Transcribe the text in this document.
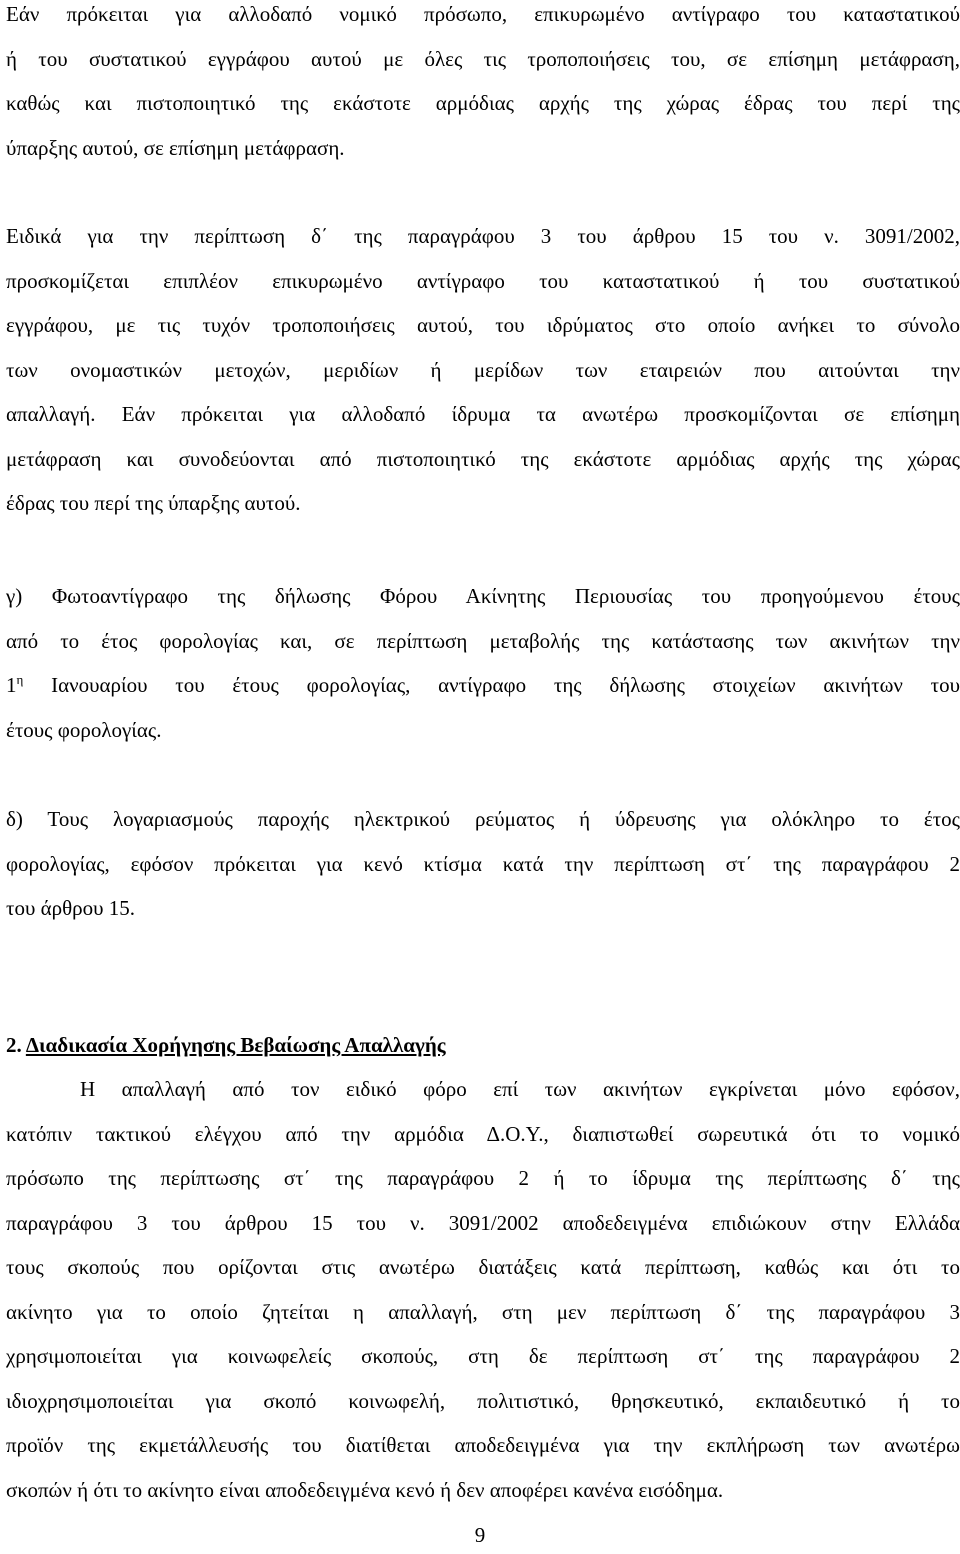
Εάν πρόκειται για αλλοδαπό νομικό πρόσωπο, επικυρωμένο αντίγραφο του καταστατικού
ή του συστατικού εγγράφου αυτού με όλες τις τροποποιήσεις του, σε επίσημη μετάφραση,
καθώς και πιστοποιητικό της εκάστοτε αρμόδιας αρχής της χώρας έδρας του περί της
ύπαρξης αυτού, σε επίσημη μετάφραση.
Ειδικά για την περίπτωση δ΄ της παραγράφου 3 του άρθρου 15 του ν. 3091/2002,
προσκομίζεται επιπλέον επικυρωμένο αντίγραφο του καταστατικού ή του συστατικού
εγγράφου, με τις τυχόν τροποποιήσεις αυτού, του ιδρύματος στο οποίο ανήκει το σύνολο
των ονομαστικών μετοχών, μεριδίων ή μερίδων των εταιρειών που αιτούνται την
απαλλαγή. Εάν πρόκειται για αλλοδαπό ίδρυμα τα ανωτέρω προσκομίζονται σε επίσημη
μετάφραση και συνοδεύονται από πιστοποιητικό της εκάστοτε αρμόδιας αρχής της χώρας
έδρας του περί της ύπαρξης αυτού.
γ) Φωτοαντίγραφο της δήλωσης Φόρου Ακίνητης Περιουσίας του προηγούμενου έτους
από το έτος φορολογίας και, σε περίπτωση μεταβολής της κατάστασης των ακινήτων την
$1^\eta$ Ιανουαρίου του έτους φορολογίας, αντίγραφο της δήλωσης στοιχείων ακινήτων του
έτους φορολογίας.
δ) Τους λογαριασμούς παροχής ηλεκτρικού ρεύματος ή ύδρευσης για ολόκληρο το έτος
φορολογίας, εφόσον πρόκειται για κενό κτίσμα κατά την περίπτωση στ΄ της παραγράφου 2
του άρθρου 15.
2. Διαδικασία Χορήγησης Βεβαίωσης Απαλλαγής
Η απαλλαγή από τον ειδικό φόρο επί των ακινήτων εγκρίνεται μόνο εφόσον,
κατόπιν τακτικού ελέγχου από την αρμόδια Δ.Ο.Υ., διαπιστωθεί σωρευτικά ότι το νομικό
πρόσωπο της περίπτωσης στ΄ της παραγράφου 2 ή το ίδρυμα της περίπτωσης δ΄ της
παραγράφου 3 του άρθρου 15 του ν. 3091/2002 αποδεδειγμένα επιδιώκουν στην Ελλάδα
τους σκοπούς που ορίζονται στις ανωτέρω διατάξεις κατά περίπτωση, καθώς και ότι το
ακίνητο για το οποίο ζητείται η απαλλαγή, στη μεν περίπτωση δ΄ της παραγράφου 3
χρησιμοποιείται για κοινωφελείς σκοπούς, στη δε περίπτωση στ΄ της παραγράφου 2
ιδιοχρησιμοποιείται για σκοπό κοινωφελή, πολιτιστικό, θρησκευτικό, εκπαιδευτικό ή το
προϊόν της εκμετάλλευσής του διατίθεται αποδεδειγμένα για την εκπλήρωση των ανωτέρω
σκοπών ή ότι το ακίνητο είναι αποδεδειγμένα κενό ή δεν αποφέρει κανένα εισόδημα.
9
